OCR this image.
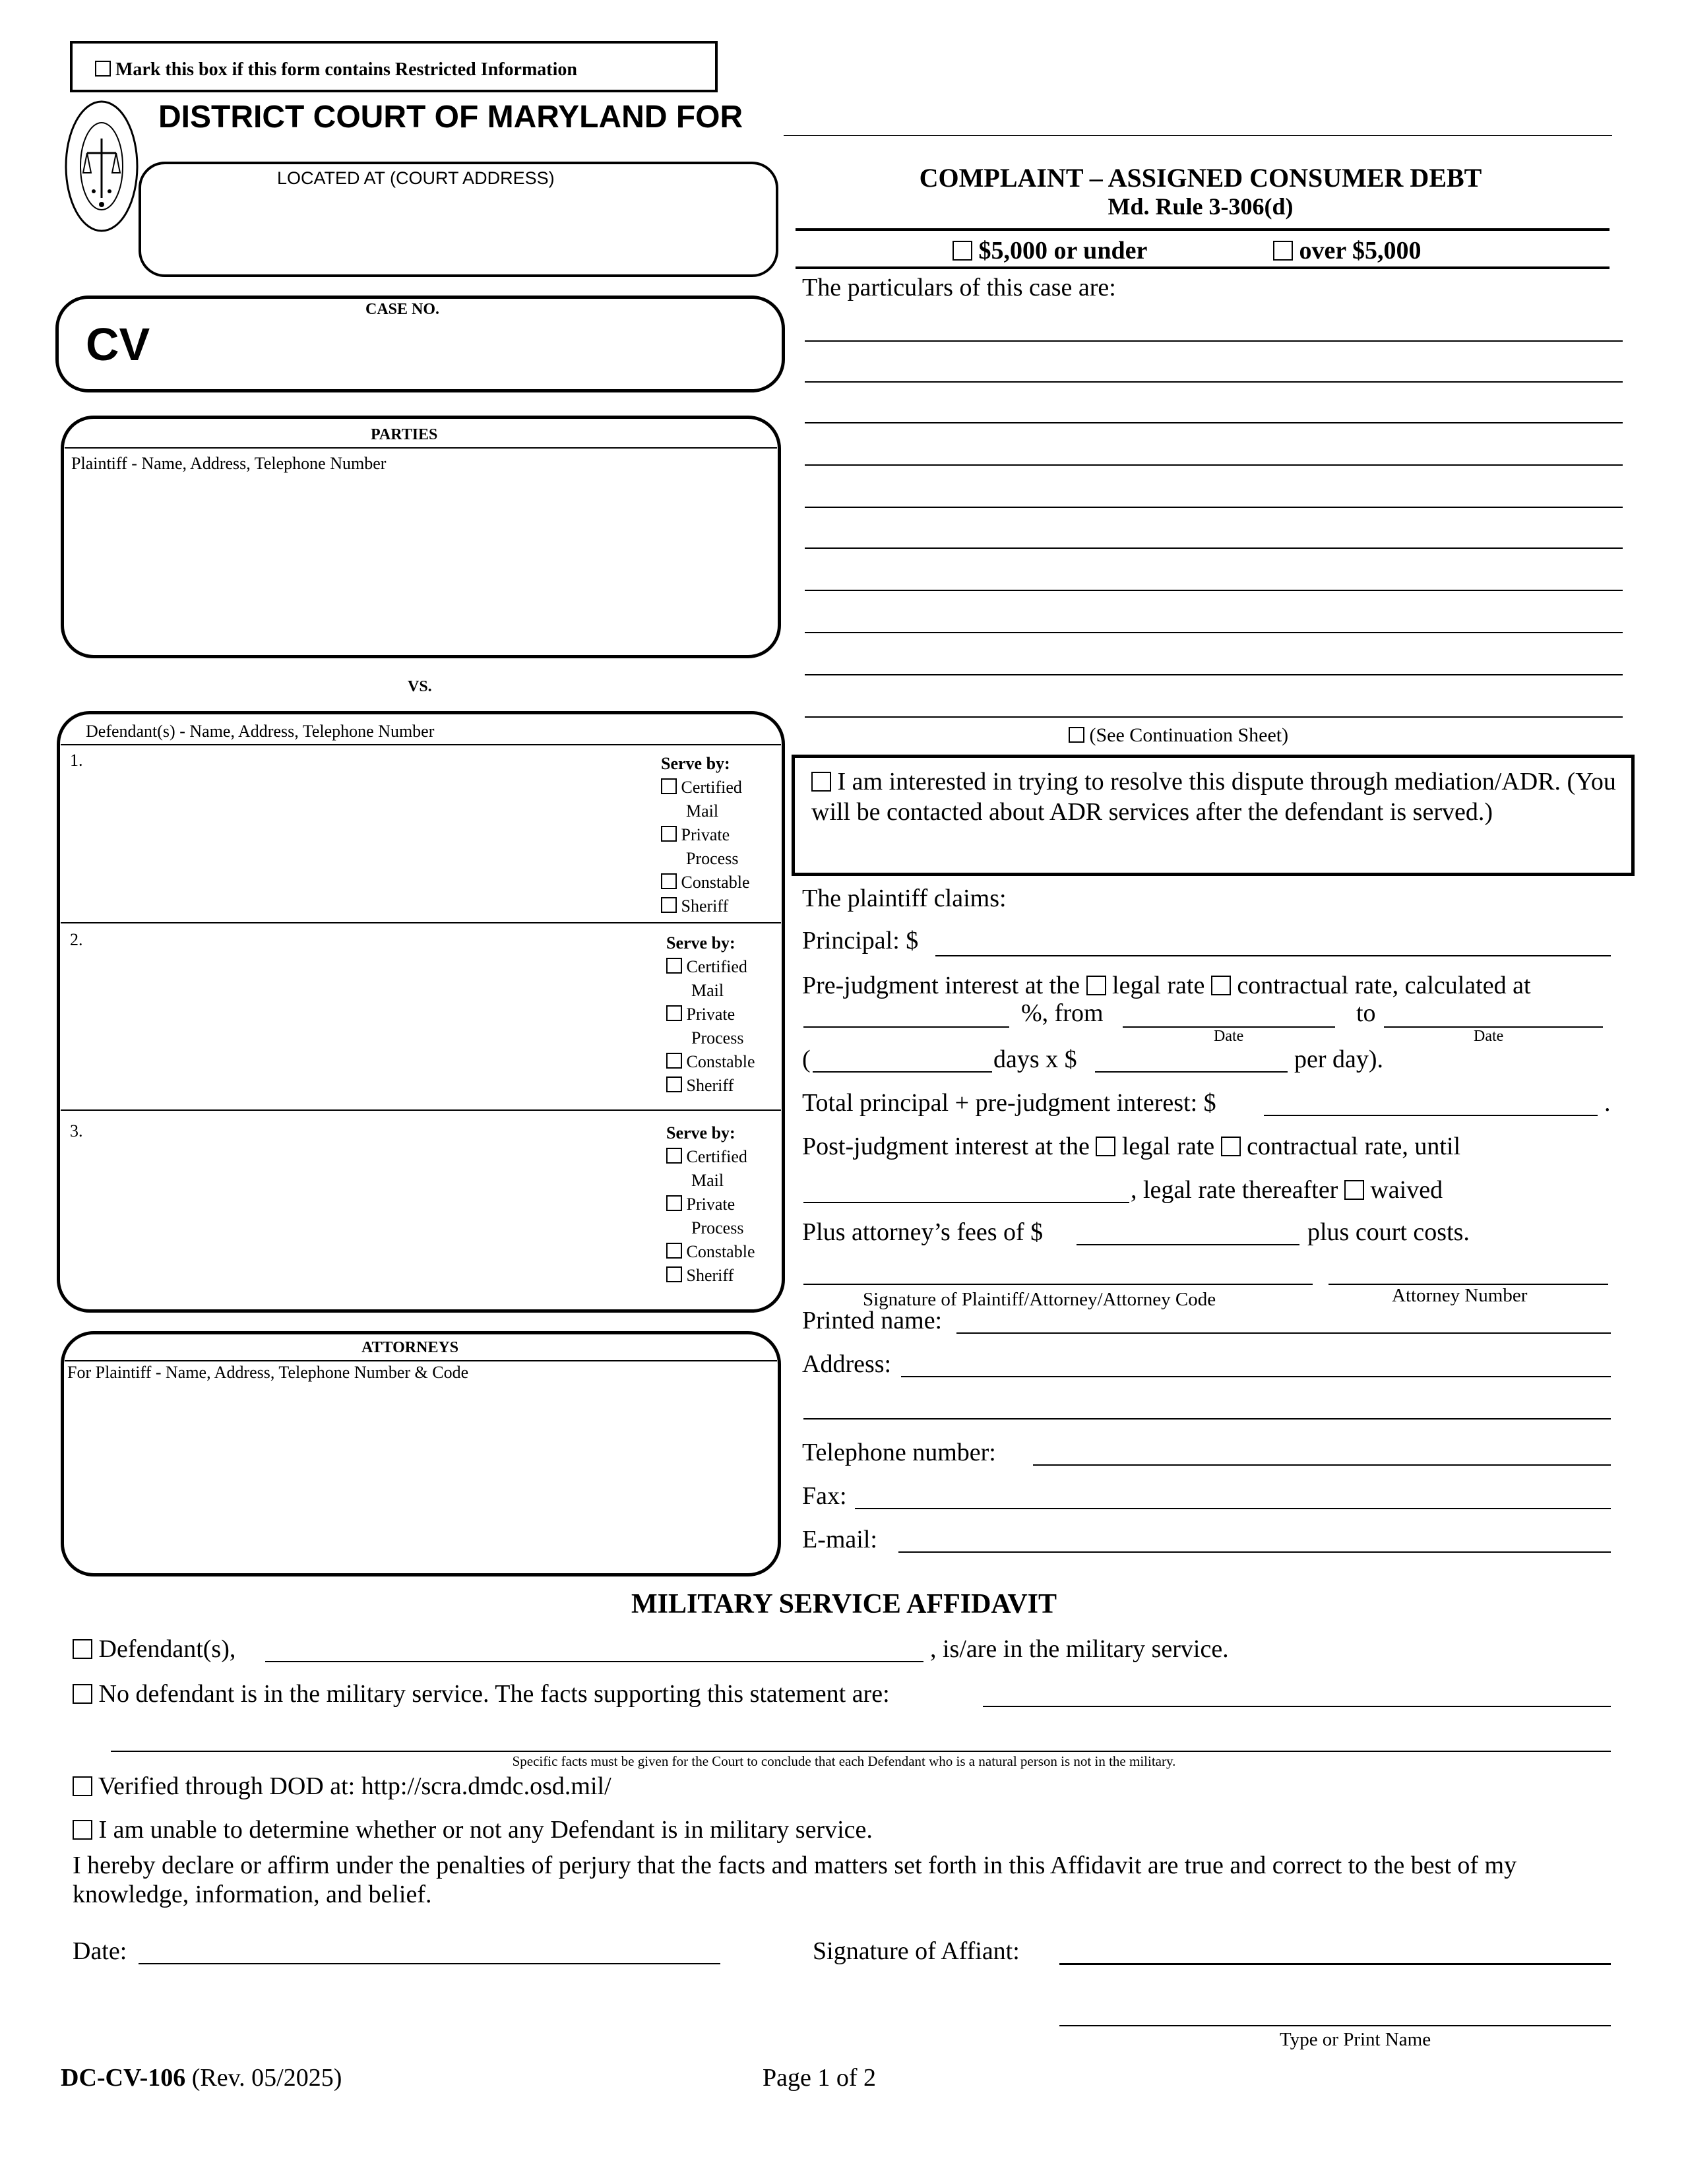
Mark this box if this form contains Restricted Information
DISTRICT COURT OF MARYLAND FOR
LOCATED AT (COURT ADDRESS)
CASE NO.
CV
PARTIES
Plaintiff - Name, Address, Telephone Number
VS.
Defendant(s) - Name, Address, Telephone Number
1.	Serve by:
Certified
Mail
Private
Process
Constable
Sheriff
2.	Serve by:
Certified
Mail
Private
Process
Constable
Sheriff
3.	Serve by:
Certified
Mail
Private
Process
Constable
Sheriff
ATTORNEYS
For Plaintiff - Name, Address, Telephone Number & Code
COMPLAINT – ASSIGNED CONSUMER DEBT
Md. Rule 3-306(d)
$5,000 or under	over $5,000
The particulars of this case are:
(See Continuation Sheet)
I am interested in trying to resolve this dispute through mediation/ADR. (You will be contacted about ADR services after the defendant is served.)
The plaintiff claims:
Principal: $
Pre-judgment interest at the legal rate contractual rate, calculated at
%, from	to
Date	Date
(	days x $	per day).
Total principal + pre-judgment interest: $	.
Post-judgment interest at the legal rate contractual rate, until
, legal rate thereafter waived
Plus attorney’s fees of $	plus court costs.
Signature of Plaintiff/Attorney/Attorney Code	Attorney Number
Printed name:
Address:
Telephone number:
Fax:
E-mail:
MILITARY SERVICE AFFIDAVIT
Defendant(s),	, is/are in the military service.
No defendant is in the military service. The facts supporting this statement are:
Specific facts must be given for the Court to conclude that each Defendant who is a natural person is not in the military.
Verified through DOD at: http://scra.dmdc.osd.mil/
I am unable to determine whether or not any Defendant is in military service.
I hereby declare or affirm under the penalties of perjury that the facts and matters set forth in this Affidavit are true and correct to the best of my knowledge, information, and belief.
Date:	Signature of Affiant:
Type or Print Name
DC-CV-106 (Rev. 05/2025)	Page 1 of 2
